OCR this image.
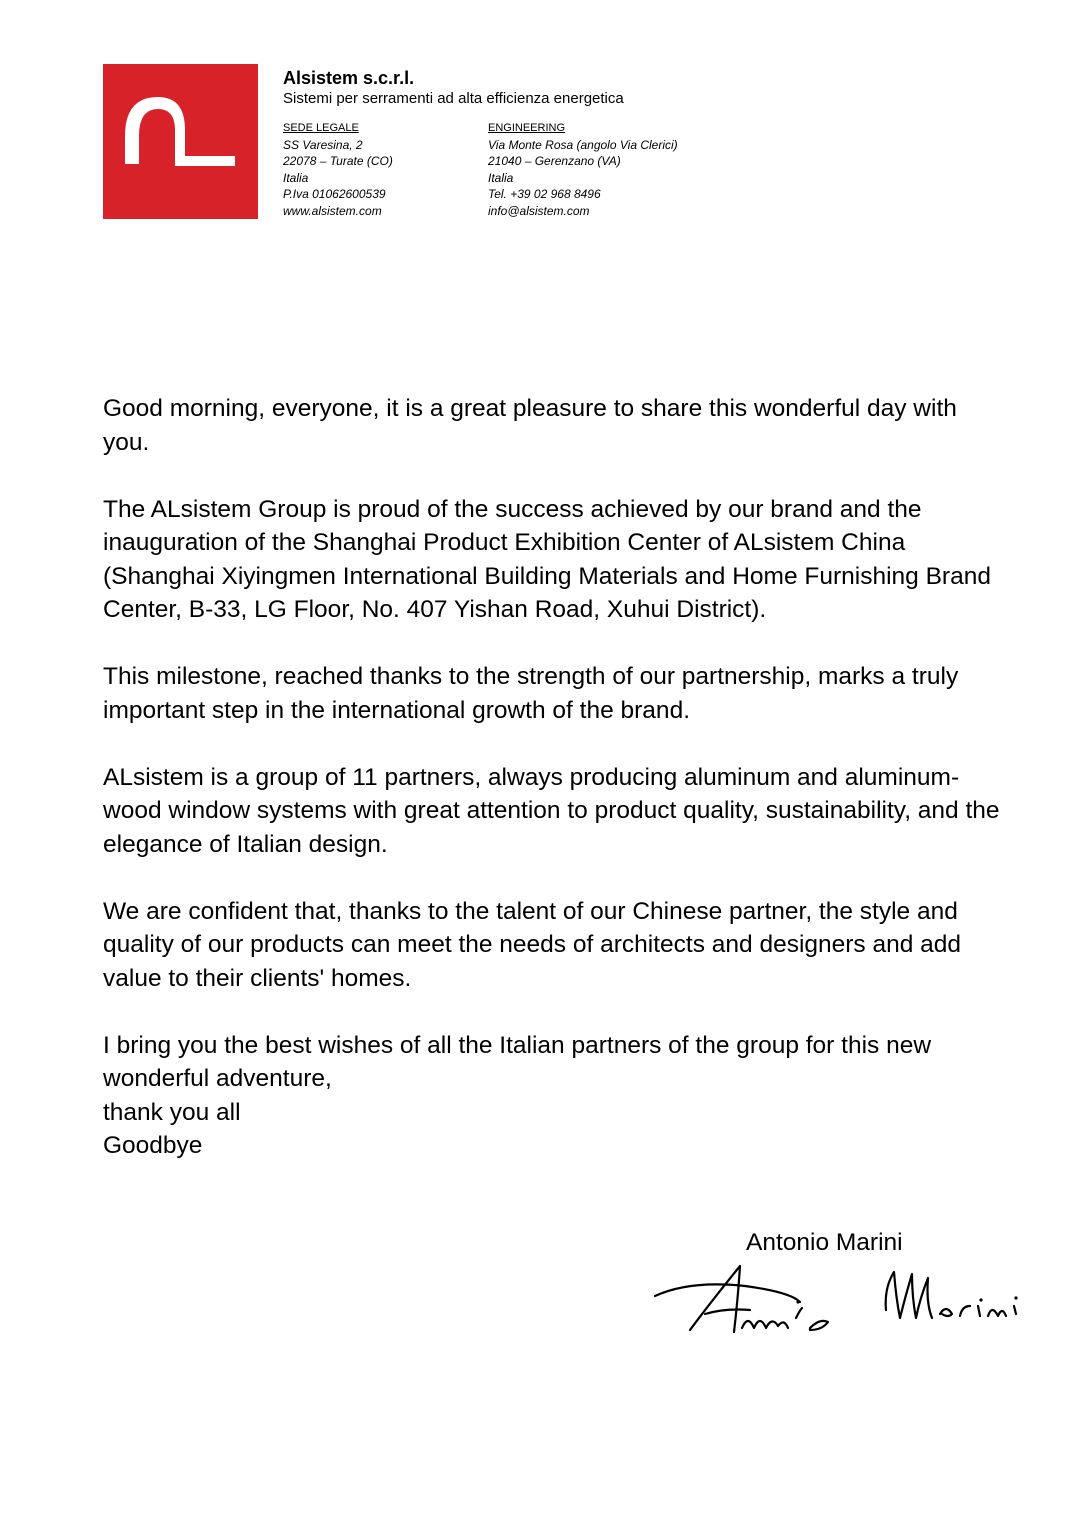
ALSISTEM
Alsistem s.c.r.l.
Sistemi per serramenti ad alta efficienza energetica
SEDE LEGALE
SS Varesina, 2
22078 – Turate (CO)
Italia
P.Iva 01062600539
www.alsistem.com
ENGINEERING
Via Monte Rosa (angolo Via Clerici)
21040 – Gerenzano (VA)
Italia
Tel. +39 02 968 8496
info@alsistem.com

Good morning, everyone, it is a great pleasure to share this wonderful day with you.

The ALsistem Group is proud of the success achieved by our brand and the inauguration of the Shanghai Product Exhibition Center of ALsistem China (Shanghai Xiyingmen International Building Materials and Home Furnishing Brand Center, B-33, LG Floor, No. 407 Yishan Road, Xuhui District).

This milestone, reached thanks to the strength of our partnership, marks a truly important step in the international growth of the brand.

ALsistem is a group of 11 partners, always producing aluminum and aluminum-wood window systems with great attention to product quality, sustainability, and the elegance of Italian design.

We are confident that, thanks to the talent of our Chinese partner, the style and quality of our products can meet the needs of architects and designers and add value to their clients' homes.

I bring you the best wishes of all the Italian partners of the group for this new wonderful adventure,

thank you all

Goodbye

Antonio Marini
